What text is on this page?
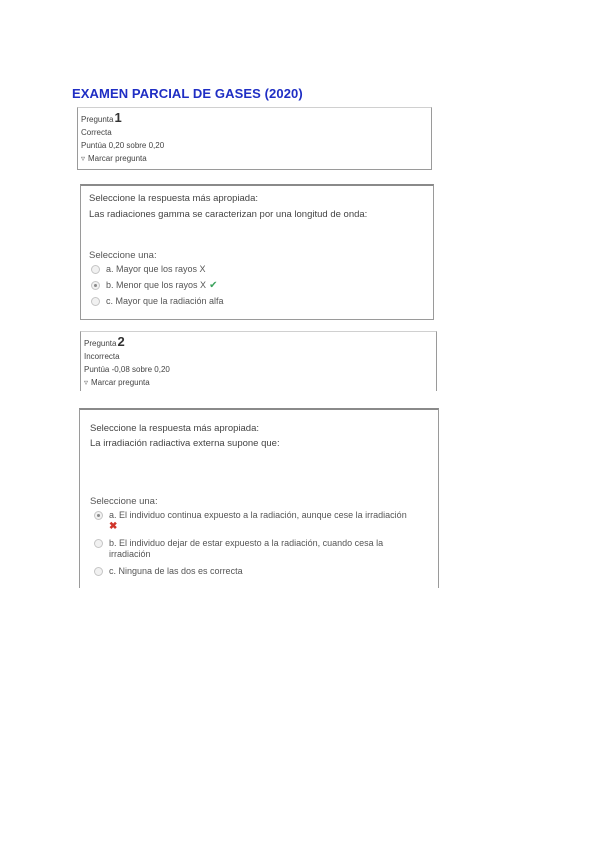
EXAMEN PARCIAL DE GASES (2020)
Pregunta 1
Correcta
Puntúa 0,20 sobre 0,20
▿ Marcar pregunta
Seleccione la respuesta más apropiada:
Las radiaciones gamma se caracterizan por una longitud de onda:
Seleccione una:
a. Mayor que los rayos X
b. Menor que los rayos X ✔
c. Mayor que la radiación alfa
Pregunta 2
Incorrecta
Puntúa -0,08 sobre 0,20
▿ Marcar pregunta
Seleccione la respuesta más apropiada:
La irradiación radiactiva externa supone que:
Seleccione una:
a. El individuo continua expuesto a la radiación, aunque cese la irradiación
✖
b. El individuo dejar de estar expuesto a la radiación, cuando cesa la irradiación
c. Ninguna de las dos es correcta
